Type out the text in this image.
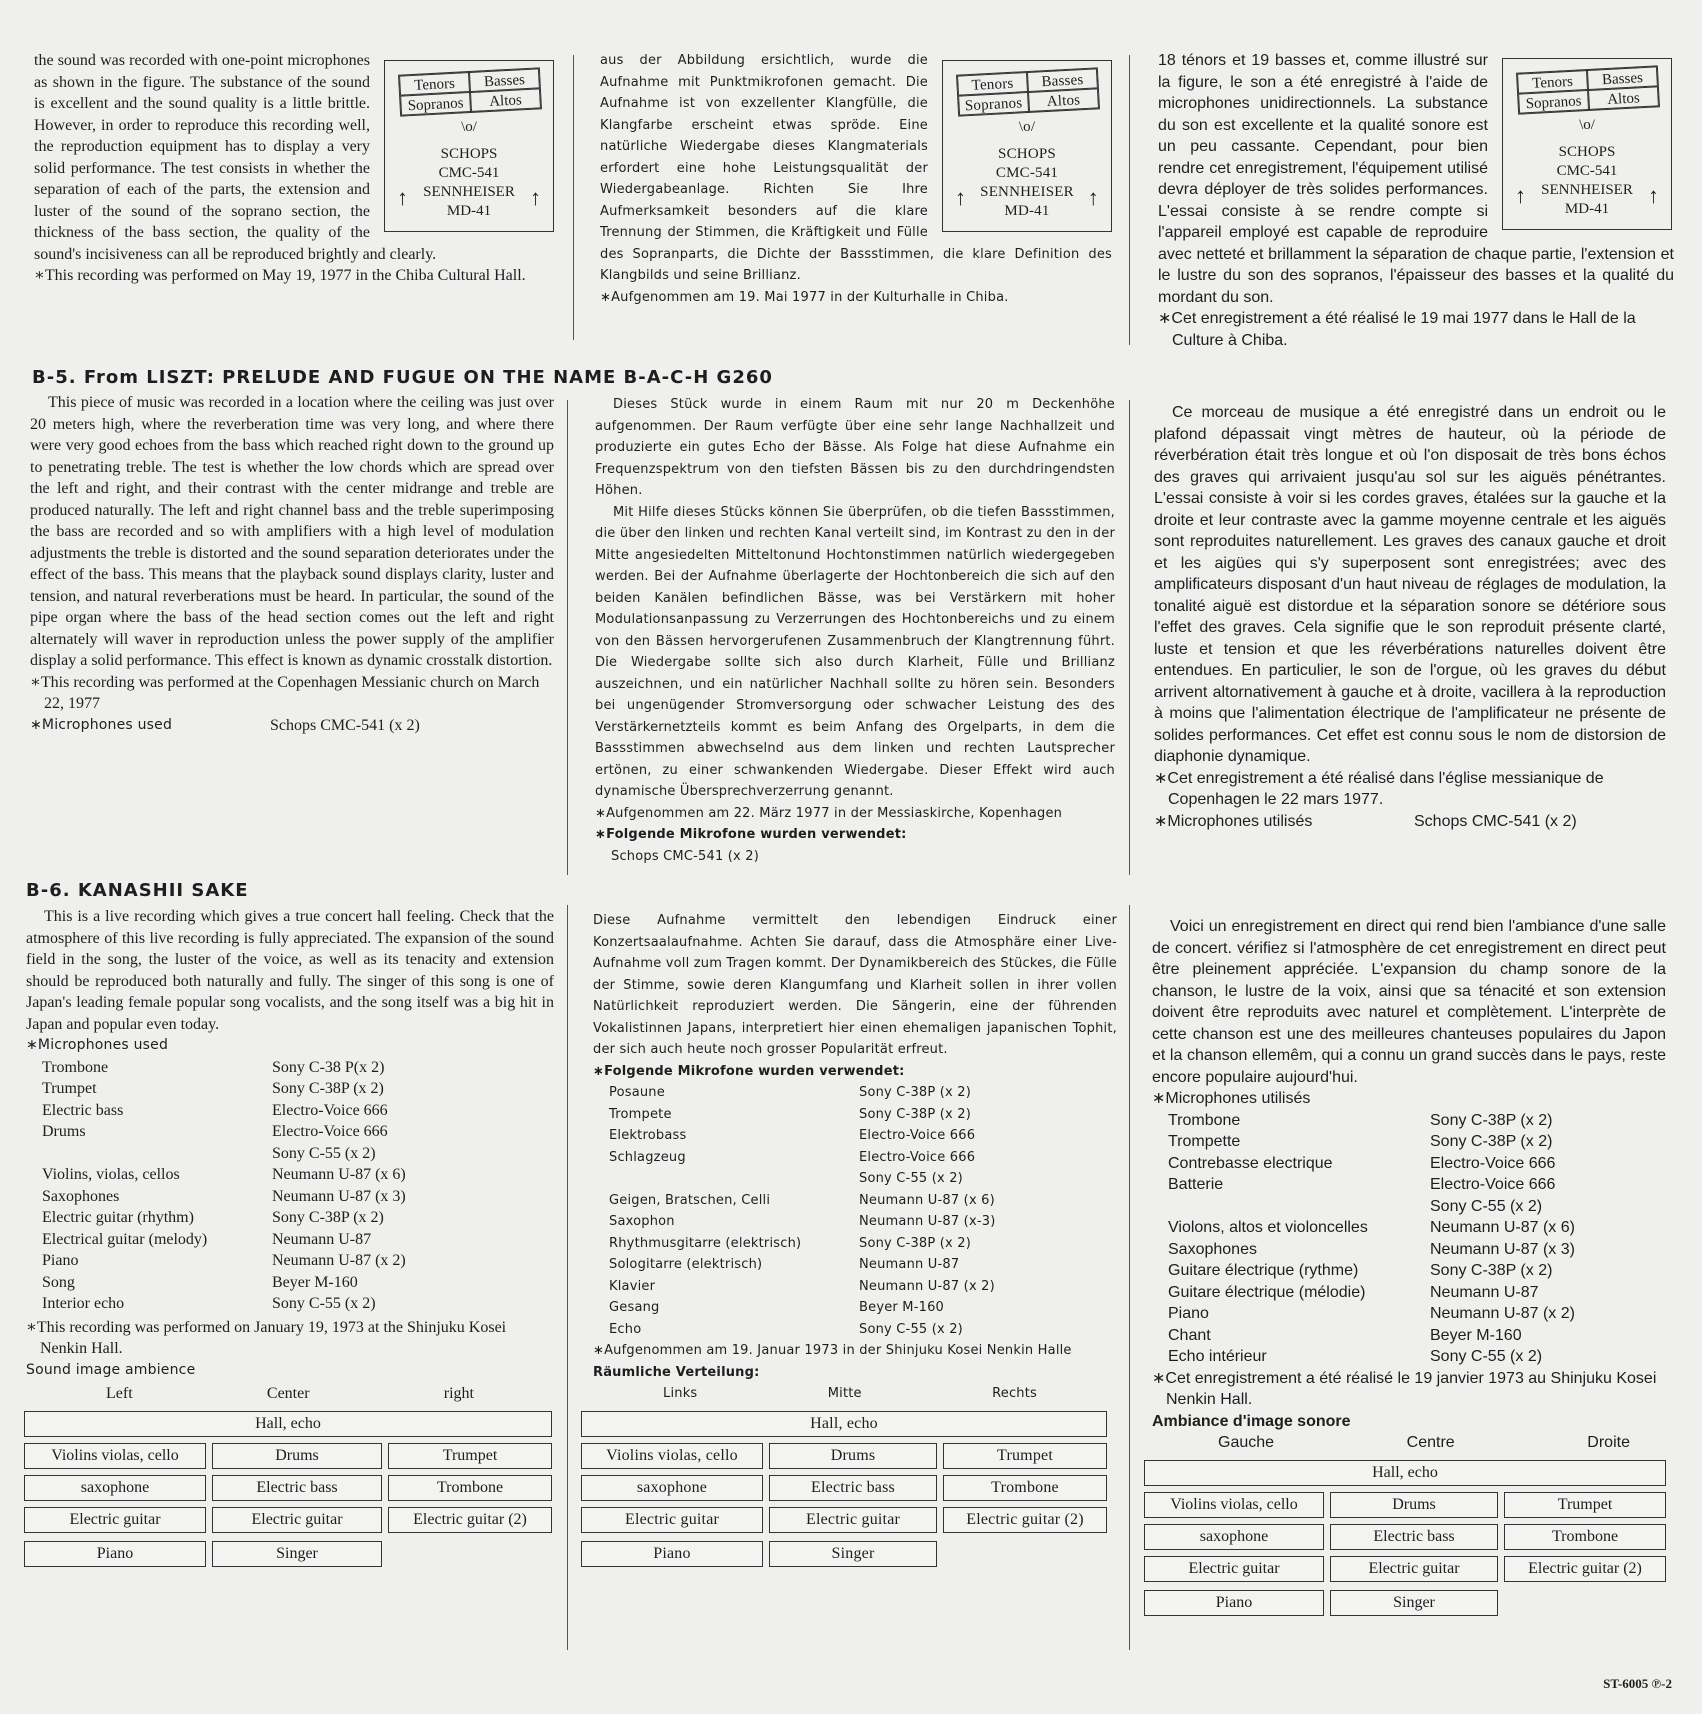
Tenors	Basses
Sopranos	Altos
\o/
SCHOPS
CMC-541
SENNHEISER
MD-41
↑	↑

the sound was recorded with one-point microphones as shown in the figure. The substance of the sound is excellent and the sound quality is a little brittle. However, in order to reproduce this recording well, the reproduction equipment has to display a very solid performance. The test consists in whether the separation of each of the parts, the extension and luster of the sound of the soprano section, the thickness of the bass section, the quality of the sound's incisiveness can all be reproduced brightly and clearly.

∗This recording was performed on May 19, 1977 in the Chiba Cultural Hall.

Tenors	Basses
Sopranos	Altos
\o/
SCHOPS
CMC-541
SENNHEISER
MD-41
↑	↑

aus der Abbildung ersichtlich, wurde die Aufnahme mit Punktmikrofonen gemacht. Die Aufnahme ist von exzellenter Klangfülle, die Klangfarbe erscheint etwas spröde. Eine natürliche Wiedergabe dieses Klangmaterials erfordert eine hohe Leistungsqualität der Wiedergabeanlage. Richten Sie Ihre Aufmerksamkeit besonders auf die klare Trennung der Stimmen, die Kräftigkeit und Fülle des Sopranparts, die Dichte der Bassstimmen, die klare Definition des Klangbilds und seine Brillianz.

∗Aufgenommen am 19. Mai 1977 in der Kulturhalle in Chiba.

Tenors	Basses
Sopranos	Altos
\o/
SCHOPS
CMC-541
SENNHEISER
MD-41
↑	↑

18 ténors et 19 basses et, comme illustré sur la figure, le son a été enregistré à l'aide de microphones unidirectionnels. La substance du son est excellente et la qualité sonore est un peu cassante. Cependant, pour bien rendre cet enregistrement, l'équipement utilisé devra déployer de très solides performances. L'essai consiste à se rendre compte si l'appareil employé est capable de reproduire avec netteté et brillamment la séparation de chaque partie, l'extension et le lustre du son des sopranos, l'épaisseur des basses et la qualité du mordant du son.

∗Cet enregistrement a été réalisé le 19 mai 1977 dans le Hall de la Culture à Chiba.

B-5. From LISZT: PRELUDE AND FUGUE ON THE NAME B-A-C-H G260

This piece of music was recorded in a location where the ceiling was just over 20 meters high, where the reverberation time was very long, and where there were very good echoes from the bass which reached right down to the ground up to penetrating treble. The test is whether the low chords which are spread over the left and right, and their contrast with the center midrange and treble are produced naturally. The left and right channel bass and the treble superimposing the bass are recorded and so with amplifiers with a high level of modulation adjustments the treble is distorted and the sound separation deteriorates under the effect of the bass. This means that the playback sound displays clarity, luster and tension, and natural reverberations must be heard. In particular, the sound of the pipe organ where the bass of the head section comes out the left and right alternately will waver in reproduction unless the power supply of the amplifier display a solid performance. This effect is known as dynamic crosstalk distortion.

∗This recording was performed at the Copenhagen Messianic church on March 22, 1977

∗Microphones used	Schops CMC-541 (x 2)

Dieses Stück wurde in einem Raum mit nur 20 m Deckenhöhe aufgenommen. Der Raum verfügte über eine sehr lange Nachhallzeit und produzierte ein gutes Echo der Bässe. Als Folge hat diese Aufnahme ein Frequenzspektrum von den tiefsten Bässen bis zu den durchdringendsten Höhen.

Mit Hilfe dieses Stücks können Sie überprüfen, ob die tiefen Bassstimmen, die über den linken und rechten Kanal verteilt sind, im Kontrast zu den in der Mitte angesiedelten Mitteltonund Hochtonstimmen natürlich wiedergegeben werden. Bei der Aufnahme überlagerte der Hochtonbereich die sich auf den beiden Kanälen befindlichen Bässe, was bei Verstärkern mit hoher Modulationsanpassung zu Verzerrungen des Hochtonbereichs und zu einem von den Bässen hervorgerufenen Zusammenbruch der Klangtrennung führt. Die Wiedergabe sollte sich also durch Klarheit, Fülle und Brillianz auszeichnen, und ein natürlicher Nachhall sollte zu hören sein. Besonders bei ungenügender Stromversorgung oder schwacher Leistung des des Verstärkernetzteils kommt es beim Anfang des Orgelparts, in dem die Bassstimmen abwechselnd aus dem linken und rechten Lautsprecher ertönen, zu einer schwankenden Wiedergabe. Dieser Effekt wird auch dynamische Übersprechverzerrung genannt.

∗Aufgenommen am 22. März 1977 in der Messiaskirche, Kopenhagen

∗Folgende Mikrofone wurden verwendet:

Schops CMC-541 (x 2)

Ce morceau de musique a été enregistré dans un endroit ou le plafond dépassait vingt mètres de hauteur, où la période de réverbération était très longue et où l'on disposait de très bons échos des graves qui arrivaient jusqu'au sol sur les aiguës pénétrantes. L'essai consiste à voir si les cordes graves, étalées sur la gauche et la droite et leur contraste avec la gamme moyenne centrale et les aiguës sont reproduites naturellement. Les graves des canaux gauche et droit et les aigües qui s'y superposent sont enregistrées; avec des amplificateurs disposant d'un haut niveau de réglages de modulation, la tonalité aiguë est distordue et la séparation sonore se détériore sous l'effet des graves. Cela signifie que le son reproduit présente clarté, luste et tension et que les réverbérations naturelles doivent être entendues. En particulier, le son de l'orgue, où les graves du début arrivent altornativement à gauche et à droite, vacillera à la reproduction à moins que l'alimentation électrique de l'amplificateur ne présente de solides performances. Cet effet est connu sous le nom de distorsion de diaphonie dynamique.

∗Cet enregistrement a été réalisé dans l'église messianique de Copenhagen le 22 mars 1977.

∗Microphones utilisés	Schops CMC-541 (x 2)
B-6. KANASHII SAKE

This is a live recording which gives a true concert hall feeling. Check that the atmosphere of this live recording is fully appreciated. The expansion of the sound field in the song, the luster of the voice, as well as its tenacity and extension should be reproduced both naturally and fully. The singer of this song is one of Japan's leading female popular song vocalists, and the song itself was a big hit in Japan and popular even today.

∗Microphones used

Trombone	Sony C-38 P(x 2)
Trumpet	Sony C-38P (x 2)
Electric bass	Electro-Voice 666
Drums	Electro-Voice 666

Sony C-55 (x 2)
Violins, violas, cellos	Neumann U-87 (x 6)
Saxophones	Neumann U-87 (x 3)
Electric guitar (rhythm)	Sony C-38P (x 2)
Electrical guitar (melody)	Neumann U-87
Piano	Neumann U-87 (x 2)
Song	Beyer M-160
Interior echo	Sony C-55 (x 2)

∗This recording was performed on January 19, 1973 at the Shinjuku Kosei Nenkin Hall.

Sound image ambience

Left	Center	right
Hall, echo
Violins violas, cello	Drums	Trumpet
saxophone	Electric bass	Trombone
Electric guitar	Electric guitar	Electric guitar (2)
Piano	Singer

Diese Aufnahme vermittelt den lebendigen Eindruck einer Konzertsaalaufnahme. Achten Sie darauf, dass die Atmosphäre einer Live-Aufnahme voll zum Tragen kommt. Der Dynamikbereich des Stückes, die Fülle der Stimme, sowie deren Klangumfang und Klarheit sollen in ihrer vollen Natürlichkeit reproduziert werden. Die Sängerin, eine der führenden Vokalistinnen Japans, interpretiert hier einen ehemaligen japanischen Tophit, der sich auch heute noch grosser Popularität erfreut.

∗Folgende Mikrofone wurden verwendet:

Posaune	Sony C-38P (x 2)
Trompete	Sony C-38P (x 2)
Elektrobass	Electro-Voice 666
Schlagzeug	Electro-Voice 666

Sony C-55 (x 2)
Geigen, Bratschen, Celli	Neumann U-87 (x 6)
Saxophon	Neumann U-87 (x-3)
Rhythmusgitarre (elektrisch)	Sony C-38P (x 2)
Sologitarre (elektrisch)	Neumann U-87
Klavier	Neumann U-87 (x 2)
Gesang	Beyer M-160
Echo	Sony C-55 (x 2)

∗Aufgenommen am 19. Januar 1973 in der Shinjuku Kosei Nenkin Halle

Räumliche Verteilung:

Links	Mitte	Rechts
Hall, echo
Violins violas, cello	Drums	Trumpet
saxophone	Electric bass	Trombone
Electric guitar	Electric guitar	Electric guitar (2)
Piano	Singer

Voici un enregistrement en direct qui rend bien l'ambiance d'une salle de concert. vérifiez si l'atmosphère de cet enregistrement en direct peut être pleinement appréciée. L'expansion du champ sonore de la chanson, le lustre de la voix, ainsi que sa ténacité et son extension doivent être reproduits avec naturel et complètement. L'interprète de cette chanson est une des meilleures chanteuses populaires du Japon et la chanson ellemêm, qui a connu un grand succès dans le pays, reste encore populaire aujourd'hui.

∗Microphones utilisés

Trombone	Sony C-38P (x 2)
Trompette	Sony C-38P (x 2)
Contrebasse electrique	Electro-Voice 666
Batterie	Electro-Voice 666

Sony C-55 (x 2)
Violons, altos et violoncelles	Neumann U-87 (x 6)
Saxophones	Neumann U-87 (x 3)
Guitare électrique (rythme)	Sony C-38P (x 2)
Guitare électrique (mélodie)	Neumann U-87
Piano	Neumann U-87 (x 2)
Chant	Beyer M-160
Echo intérieur	Sony C-55 (x 2)

∗Cet enregistrement a été réalisé le 19 janvier 1973 au Shinjuku Kosei Nenkin Hall.

Ambiance d'image sonore

Gauche	Centre	Droite
Hall, echo
Violins violas, cello	Drums	Trumpet
saxophone	Electric bass	Trombone
Electric guitar	Electric guitar	Electric guitar (2)
Piano	Singer
ST-6005 ℗-2
